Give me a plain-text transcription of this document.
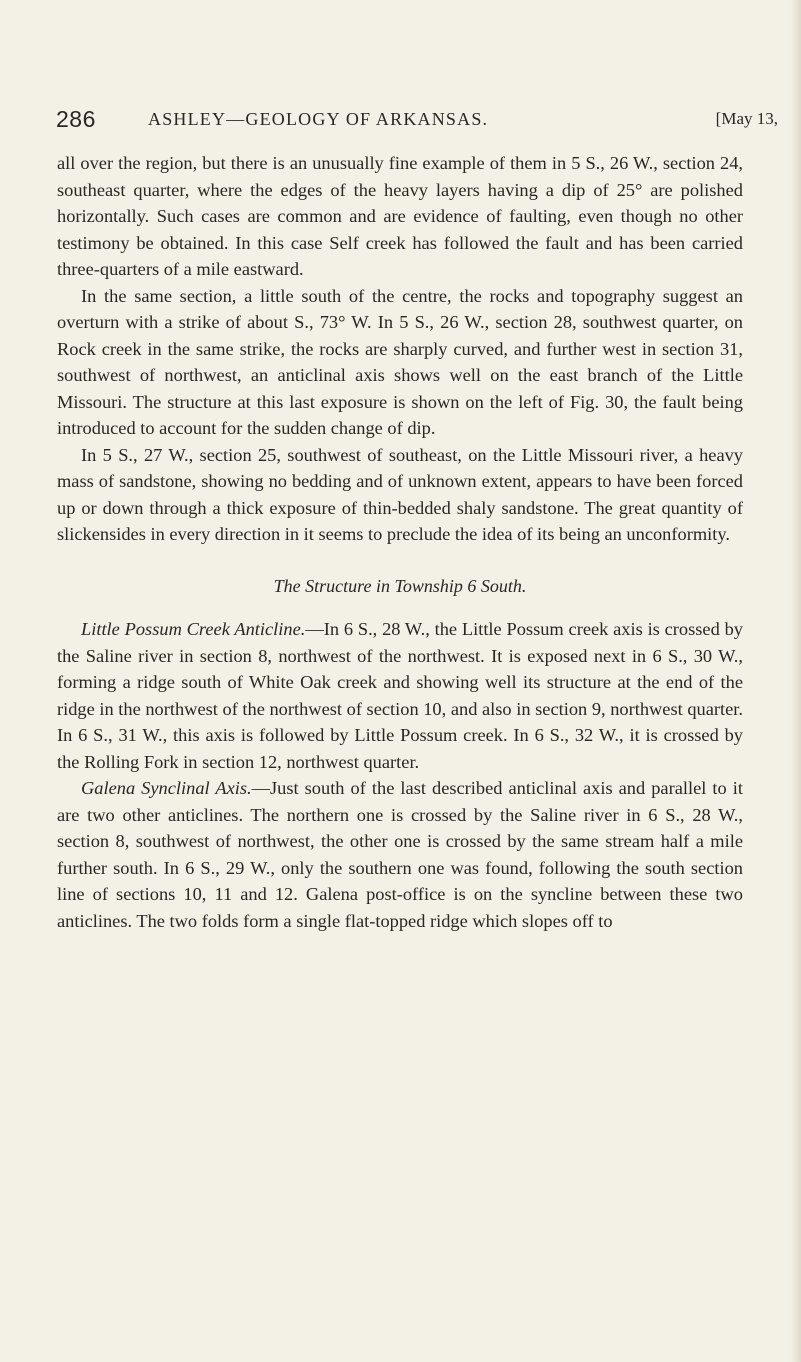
286	ASHLEY—GEOLOGY OF ARKANSAS.	[May 13,

all over the region, but there is an unusually fine example of them in 5 S., 26 W., section 24, southeast quarter, where the edges of the heavy layers having a dip of 25° are polished horizontally. Such cases are common and are evidence of faulting, even though no other testimony be obtained. In this case Self creek has followed the fault and has been carried three-quarters of a mile eastward.

In the same section, a little south of the centre, the rocks and topography suggest an overturn with a strike of about S., 73° W. In 5 S., 26 W., section 28, southwest quarter, on Rock creek in the same strike, the rocks are sharply curved, and further west in section 31, southwest of northwest, an anticlinal axis shows well on the east branch of the Little Missouri. The structure at this last exposure is shown on the left of Fig. 30, the fault being introduced to account for the sudden change of dip.

In 5 S., 27 W., section 25, southwest of southeast, on the Little Missouri river, a heavy mass of sandstone, showing no bedding and of unknown extent, appears to have been forced up or down through a thick exposure of thin-bedded shaly sandstone. The great quantity of slickensides in every direction in it seems to preclude the idea of its being an unconformity.

The Structure in Township 6 South.

Little Possum Creek Anticline.—In 6 S., 28 W., the Little Possum creek axis is crossed by the Saline river in section 8, northwest of the northwest. It is exposed next in 6 S., 30 W., forming a ridge south of White Oak creek and showing well its structure at the end of the ridge in the northwest of the northwest of section 10, and also in section 9, northwest quarter. In 6 S., 31 W., this axis is followed by Little Possum creek. In 6 S., 32 W., it is crossed by the Rolling Fork in section 12, northwest quarter.

Galena Synclinal Axis.—Just south of the last described anticlinal axis and parallel to it are two other anticlines. The northern one is crossed by the Saline river in 6 S., 28 W., section 8, southwest of northwest, the other one is crossed by the same stream half a mile further south. In 6 S., 29 W., only the southern one was found, following the south section line of sections 10, 11 and 12. Galena post-office is on the syncline between these two anticlines. The two folds form a single flat-topped ridge which slopes off to
